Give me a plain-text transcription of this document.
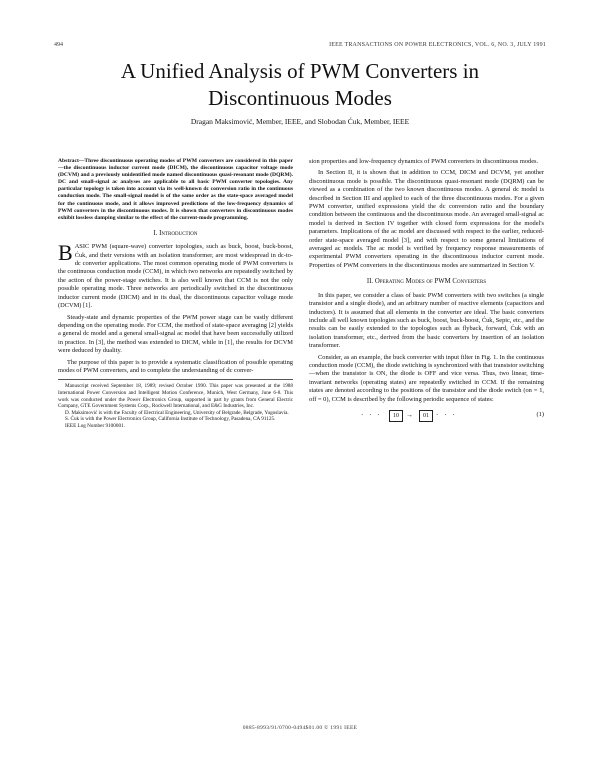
494	IEEE TRANSACTIONS ON POWER ELECTRONICS, VOL. 6, NO. 3, JULY 1991
A Unified Analysis of PWM Converters in
Discontinuous Modes
Dragan Maksimović, Member, IEEE, and Slobodan Ćuk, Member, IEEE

Abstract—Three discontinuous operating modes of PWM converters are considered in this paper—the discontinuous inductor current mode (DICM), the discontinuous capacitor voltage mode (DCVM) and a previously unidentified mode named discontinuous quasi-resonant mode (DQRM). DC and small-signal ac analyses are applicable to all basic PWM converter topologies. Any particular topology is taken into account via its well-known dc conversion ratio in the continuous conduction mode. The small-signal model is of the same order as the state-space averaged model for the continuous mode, and it allows improved predictions of the low-frequency dynamics of PWM converters in the discontinuous modes. It is shown that converters in discontinuous modes exhibit lossless damping similar to the effect of the current-mode programming.

I. Introduction

B ASIC PWM (square-wave) converter topologies, such as buck, boost, buck-boost, Ćuk, and their versions with an isolation transformer, are most widespread in dc-to-dc converter applications. The most common operating mode of PWM converters is the continuous conduction mode (CCM), in which two networks are repeatedly switched by the action of the power-stage switches. It is also well known that CCM is not the only possible operating mode. Three networks are periodically switched in the discontinuous inductor current mode (DICM) and in its dual, the discontinuous capacitor voltage mode (DCVM) [1].

Steady-state and dynamic properties of the PWM power stage can be vastly different depending on the operating mode. For CCM, the method of state-space averaging [2] yields a general dc model and a general small-signal ac model that have been successfully utilized in practice. In [3], the method was extended to DICM, while in [1], the results for DCVM were deduced by duality.

The purpose of this paper is to provide a systematic classification of possible operating modes of PWM converters, and to complete the understanding of dc conver-

Manuscript received September 18, 1989; revised October 1990. This paper was presented at the 1988 International Power Conversion and Intelligent Motion Conference, Munich, West Germany, June 6-8. This work was conducted under the Power Electronics Group, supported in part by grants from General Electric Company, GTE Government Systems Corp., Rockwell International, and E&G Industries, Inc.

D. Maksimović is with the Faculty of Electrical Engineering, University of Belgrade, Belgrade, Yugoslavia.

S. Ćuk is with the Power Electronics Group, California Institute of Technology, Pasadena, CA 91125.

IEEE Log Number 9100001.

sion properties and low-frequency dynamics of PWM converters in discontinuous modes.

In Section II, it is shown that in addition to CCM, DICM and DCVM, yet another discontinuous mode is possible. The discontinuous quasi-resonant mode (DQRM) can be viewed as a combination of the two known discontinuous modes. A general dc model is described in Section III and applied to each of the three discontinuous modes. For a given PWM converter, unified expressions yield the dc conversion ratio and the boundary condition between the continuous and the discontinuous mode. An averaged small-signal ac model is derived in Section IV together with closed form expressions for the model's parameters. Implications of the ac model are discussed with respect to the earlier, reduced-order state-space averaged model [3], and with respect to some general limitations of averaged ac models. The ac model is verified by frequency response measurements of experimental PWM converters operating in the discontinuous inductor current mode. Properties of PWM converters in the discontinuous modes are summarized in Section V.

II. Operating Modes of PWM Converters

In this paper, we consider a class of basic PWM converters with two switches (a single transistor and a single diode), and an arbitrary number of reactive elements (capacitors and inductors). It is assumed that all elements in the converter are ideal. The basic converters include all well known topologies such as buck, boost, buck-boost, Ćuk, Sepic, etc., and the results can be easily extended to the topologies such as flyback, forward, Ćuk with an isolation transformer, etc., derived from the basic converters by insertion of an isolation transformer.

Consider, as an example, the buck converter with input filter in Fig. 1. In the continuous conduction mode (CCM), the diode switching is synchronized with that transistor switching—when the transistor is ON, the diode is OFF and vice versa. Thus, two linear, time-invariant networks (operating states) are repeatedly switched in CCM. If the remaining states are denoted according to the positions of the transistor and the diode switch (on = 1, off = 0), CCM is described by the following periodic sequence of states:

· · ·	10	→	01	· · ·	(1)
0885-8993/91/0700-0494$01.00 © 1991 IEEE
